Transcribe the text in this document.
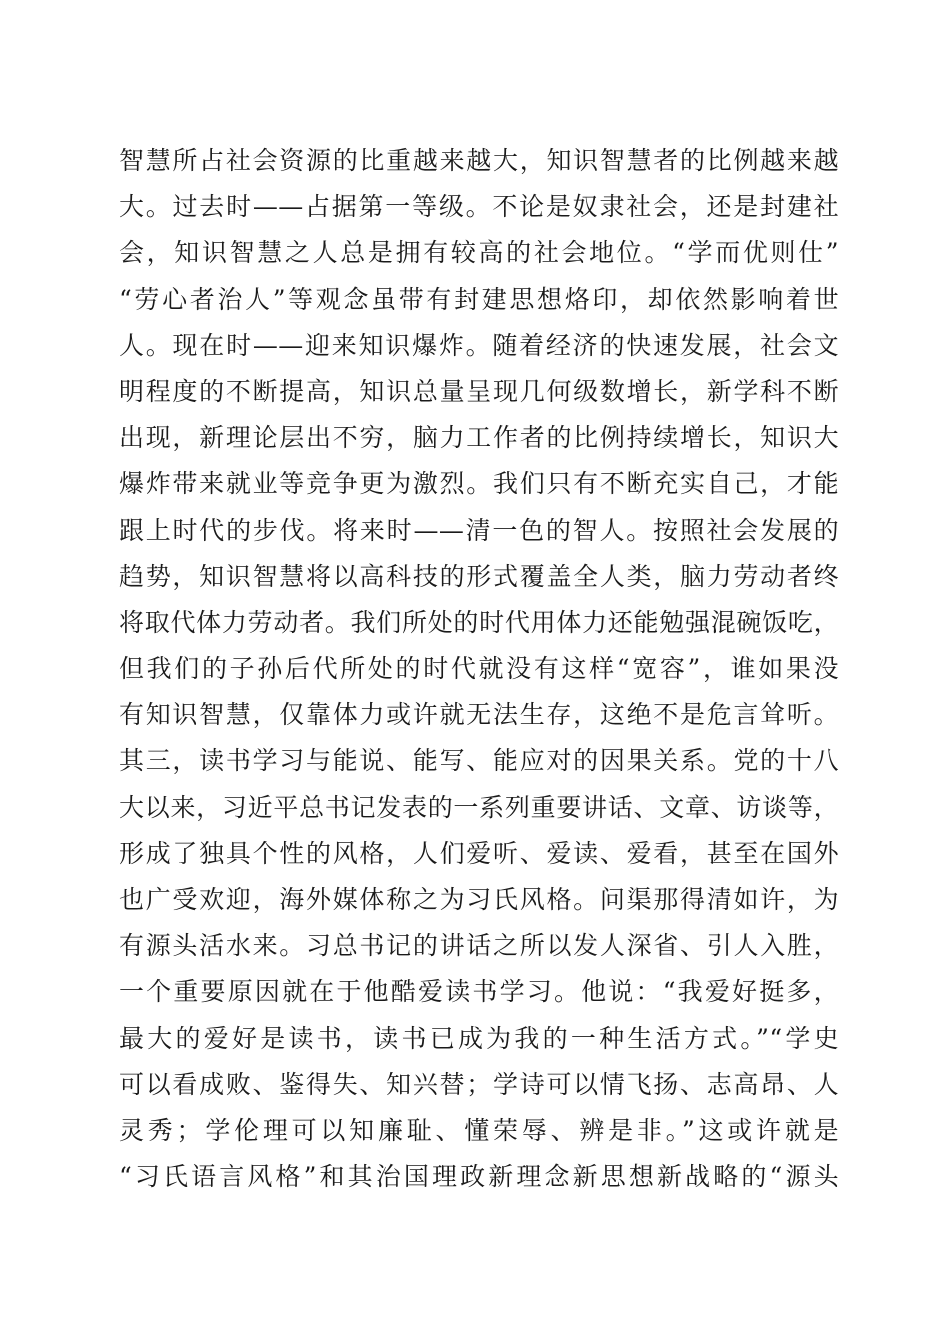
智慧所占社会资源的比重越来越大，知识智慧者的比例越来越
大。过去时——占据第一等级。不论是奴隶社会，还是封建社
会，知识智慧之人总是拥有较高的社会地位。“学而优则仕”
“劳心者治人”等观念虽带有封建思想烙印，却依然影响着世
人。现在时——迎来知识爆炸。随着经济的快速发展，社会文
明程度的不断提高，知识总量呈现几何级数增长，新学科不断
出现，新理论层出不穷，脑力工作者的比例持续增长，知识大
爆炸带来就业等竞争更为激烈。我们只有不断充实自己，才能
跟上时代的步伐。将来时——清一色的智人。按照社会发展的
趋势，知识智慧将以高科技的形式覆盖全人类，脑力劳动者终
将取代体力劳动者。我们所处的时代用体力还能勉强混碗饭吃，
但我们的子孙后代所处的时代就没有这样“宽容”，谁如果没
有知识智慧，仅靠体力或许就无法生存，这绝不是危言耸听。
其三，读书学习与能说、能写、能应对的因果关系。党的十八
大以来，习近平总书记发表的一系列重要讲话、文章、访谈等，
形成了独具个性的风格，人们爱听、爱读、爱看，甚至在国外
也广受欢迎，海外媒体称之为习氏风格。问渠那得清如许，为
有源头活水来。习总书记的讲话之所以发人深省、引人入胜，
一个重要原因就在于他酷爱读书学习。他说：“我爱好挺多，
最大的爱好是读书，读书已成为我的一种生活方式。”“学史
可以看成败、鉴得失、知兴替；学诗可以情飞扬、志高昂、人
灵秀；学伦理可以知廉耻、懂荣辱、辨是非。”这或许就是
“习氏语言风格”和其治国理政新理念新思想新战略的“源头
